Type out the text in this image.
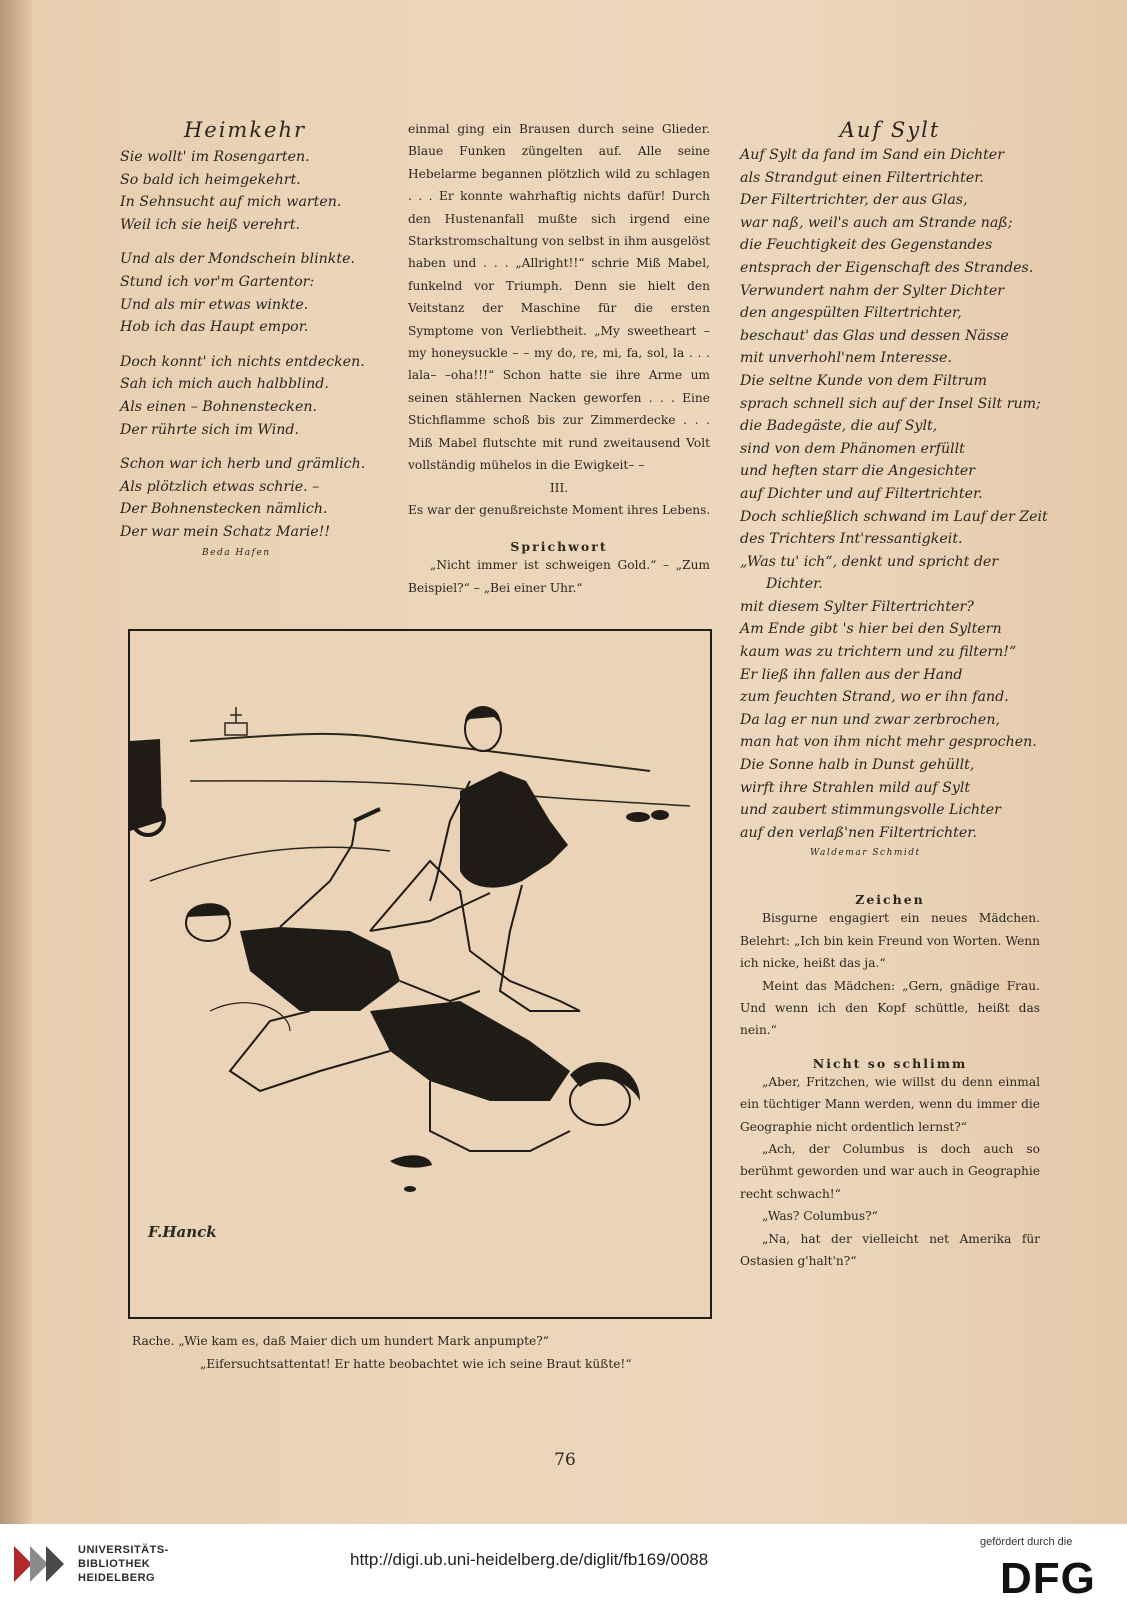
Heimkehr
Sie wollt' im Rosengarten.
So bald ich heimgekehrt.
In Sehnsucht auf mich warten.
Weil ich sie heiß verehrt.
Und als der Mondschein blinkte.
Stund ich vor'm Gartentor:
Und als mir etwas winkte.
Hob ich das Haupt empor.
Doch konnt' ich nichts entdecken.
Sah ich mich auch halbblind.
Als einen – Bohnenstecken.
Der rührte sich im Wind.
Schon war ich herb und grämlich.
Als plötzlich etwas schrie. –
Der Bohnenstecken nämlich.
Der war mein Schatz Marie!!
Beda Hafen

einmal ging ein Brausen durch seine Glieder. Blaue Funken züngelten auf. Alle seine Hebelarme begannen plötzlich wild zu schlagen . . . Er konnte wahrhaftig nichts dafür! Durch den Hustenanfall mußte sich irgend eine Starkstromschaltung von selbst in ihm ausgelöst haben und . . . „Allright!!“ schrie Miß Mabel, funkelnd vor Triumph. Denn sie hielt den Veitstanz der Maschine für die ersten Symptome von Verliebtheit. „My sweetheart – my honeysuckle – – my do, re, mi, fa, sol, la . . . lala– –oha!!!“ Schon hatte sie ihre Arme um seinen stählernen Nacken geworfen . . . Eine Stichflamme schoß bis zur Zimmerdecke . . . Miß Mabel flutschte mit rund zweitausend Volt vollständig mühelos in die Ewigkeit– –

III.
Es war der genußreichste Moment ihres Lebens.
Sprichwort

„Nicht immer ist schweigen Gold.“ – „Zum Beispiel?“ – „Bei einer Uhr.“

Auf Sylt
Auf Sylt da fand im Sand ein Dichter
als Strandgut einen Filtertrichter.
Der Filtertrichter, der aus Glas,
war naß, weil's auch am Strande naß;
die Feuchtigkeit des Gegenstandes
entsprach der Eigenschaft des Strandes.
Verwundert nahm der Sylter Dichter
den angespülten Filtertrichter,
beschaut' das Glas und dessen Nässe
mit unverhohl'nem Interesse.
Die seltne Kunde von dem Filtrum
sprach schnell sich auf der Insel Silt rum;
die Badegäste, die auf Sylt,
sind von dem Phänomen erfüllt
und heften starr die Angesichter
auf Dichter und auf Filtertrichter.
Doch schließlich schwand im Lauf der Zeit
des Trichters Int'ressantigkeit.
„Was tu' ich“, denkt und spricht der
Dichter.
mit diesem Sylter Filtertrichter?
Am Ende gibt 's hier bei den Syltern
kaum was zu trichtern und zu filtern!“
Er ließ ihn fallen aus der Hand
zum feuchten Strand, wo er ihn fand.
Da lag er nun und zwar zerbrochen,
man hat von ihm nicht mehr gesprochen.
Die Sonne halb in Dunst gehüllt,
wirft ihre Strahlen mild auf Sylt
und zaubert stimmungsvolle Lichter
auf den verlaß'nen Filtertrichter.
Waldemar Schmidt
Zeichen

Bisgurne engagiert ein neues Mädchen. Belehrt: „Ich bin kein Freund von Worten. Wenn ich nicke, heißt das ja.“

Meint das Mädchen: „Gern, gnädige Frau. Und wenn ich den Kopf schüttle, heißt das nein.“

Nicht so schlimm

„Aber, Fritzchen, wie willst du denn einmal ein tüchtiger Mann werden, wenn du immer die Geographie nicht ordentlich lernst?“

„Ach, der Columbus is doch auch so berühmt geworden und war auch in Geographie recht schwach!“

„Was? Columbus?“

„Na, hat der vielleicht net Amerika für Ostasien g'halt'n?“

F.Hanck
Rache. „Wie kam es, daß Maier dich um hundert Mark anpumpte?“
„Eifersuchtsattentat! Er hatte beobachtet wie ich seine Braut küßte!“
76
UNIVERSITÄTS-
BIBLIOTHEK
HEIDELBERG
http://digi.ub.uni-heidelberg.de/diglit/fb169/0088
gefördert durch die
DFG
